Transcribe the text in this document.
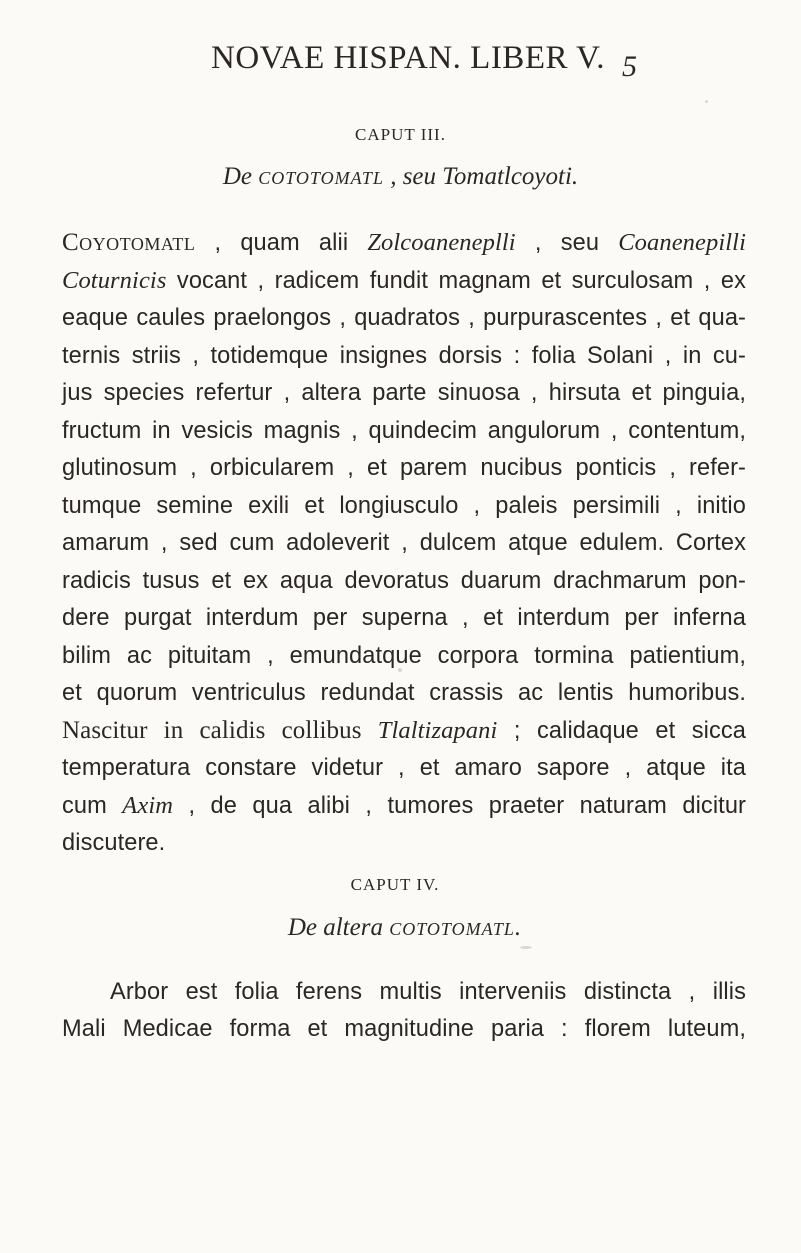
NOVAE HISPAN. LIBER V. 5
CAPUT III.
De cototomatl , seu Tomatlcoyoti.
Coyotomatl , quam alii Zolcoaneneplli , seu Coanenepilli
Coturnicis vocant , radicem fundit magnam et surculosam , ex
eaque caules praelongos , quadratos , purpurascentes , et qua-
ternis striis , totidemque insignes dorsis : folia Solani , in cu-
jus species refertur , altera parte sinuosa , hirsuta et pinguia,
fructum in vesicis magnis , quindecim angulorum , contentum,
glutinosum , orbicularem , et parem nucibus ponticis , refer-
tumque semine exili et longiusculo , paleis persimili , initio
amarum , sed cum adoleverit , dulcem atque edulem. Cortex
radicis tusus et ex aqua devoratus duarum drachmarum pon-
dere purgat interdum per superna , et interdum per inferna
bilim ac pituitam , emundatque corpora tormina patientium,
et quorum ventriculus redundat crassis ac lentis humoribus.
Nascitur in calidis collibus Tlaltizapani ; calidaque et sicca
temperatura constare videtur , et amaro sapore , atque ita
cum Axim , de qua alibi , tumores praeter naturam dicitur
discutere.
CAPUT IV.
De altera cototomatl.
Arbor est folia ferens multis interveniis distincta , illis
Mali Medicae forma et magnitudine paria : florem luteum,
